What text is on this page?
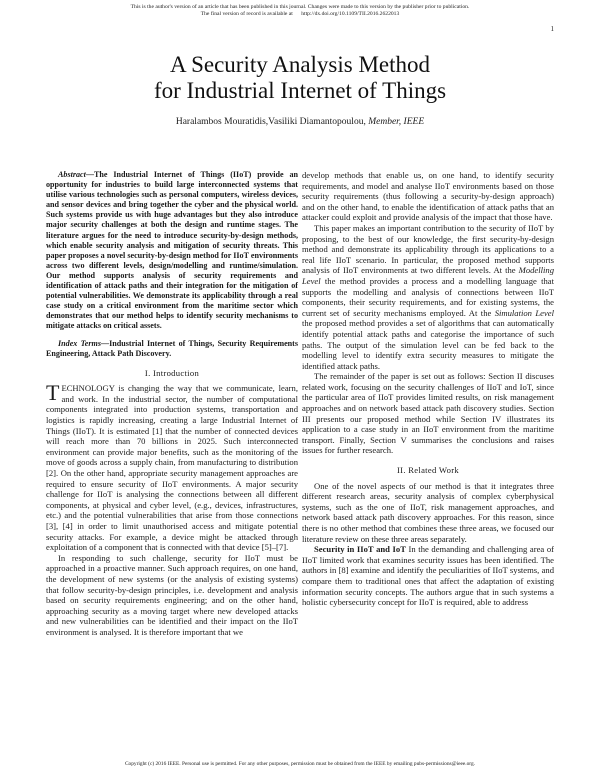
This is the author's version of an article that has been published in this journal. Changes were made to this version by the publisher prior to publication.
The final version of record is available at http://dx.doi.org/10.1109/TII.2016.2622013
1
A Security Analysis Method
for Industrial Internet of Things
Haralambos Mouratidis,Vasiliki Diamantopoulou, Member, IEEE

Abstract—The Industrial Internet of Things (IIoT) provide an opportunity for industries to build large interconnected systems that utilise various technologies such as personal computers, wireless devices, and sensor devices and bring together the cyber and the physical world. Such systems provide us with huge advantages but they also introduce major security challenges at both the design and runtime stages. The literature argues for the need to introduce security-by-design methods, which enable security analysis and mitigation of security threats. This paper proposes a novel security-by-design method for IIoT environments across two different levels, design/modelling and runtime/simulation. Our method supports analysis of security requirements and identification of attack paths and their integration for the mitigation of potential vulnerabilities. We demonstrate its applicability through a real case study on a critical environment from the maritime sector which demonstrates that our method helps to identify security mechanisms to mitigate attacks on critical assets.

Index Terms—Industrial Internet of Things, Security Requirements Engineering, Attack Path Discovery.

I. Introduction

TECHNOLOGY is changing the way that we communicate, learn, and work. In the industrial sector, the number of computational components integrated into production systems, transportation and logistics is rapidly increasing, creating a large Industrial Internet of Things (IIoT). It is estimated [1] that the number of connected devices will reach more than 70 billions in 2025. Such interconnected environment can provide major benefits, such as the monitoring of the move of goods across a supply chain, from manufacturing to distribution [2]. On the other hand, appropriate security management approaches are required to ensure security of IIoT environments. A major security challenge for IIoT is analysing the connections between all different components, at physical and cyber level, (e.g., devices, infrastructures, etc.) and the potential vulnerabilities that arise from those connections [3], [4] in order to limit unauthorised access and mitigate potential security attacks. For example, a device might be attacked through exploitation of a component that is connected with that device [5]–[7].

In responding to such challenge, security for IIoT must be approached in a proactive manner. Such approach requires, on one hand, the development of new systems (or the analysis of existing systems) that follow security-by-design principles, i.e. development and analysis based on security requirements engineering; and on the other hand, approaching security as a moving target where new developed attacks and new vulnerabilities can be identified and their impact on the IIoT environment is analysed. It is therefore important that we

develop methods that enable us, on one hand, to identify security requirements, and model and analyse IIoT environments based on those security requirements (thus following a security-by-design approach) and on the other hand, to enable the identification of attack paths that an attacker could exploit and provide analysis of the impact that those have.

This paper makes an important contribution to the security of IIoT by proposing, to the best of our knowledge, the first security-by-design method and demonstrate its applicability through its applications to a real life IIoT scenario. In particular, the proposed method supports analysis of IIoT environments at two different levels. At the Modelling Level the method provides a process and a modelling language that supports the modelling and analysis of connections between IIoT components, their security requirements, and for existing systems, the current set of security mechanisms employed. At the Simulation Level the proposed method provides a set of algorithms that can automatically identify potential attack paths and categorise the importance of such paths. The output of the simulation level can be fed back to the modelling level to identify extra security measures to mitigate the identified attack paths.

The remainder of the paper is set out as follows: Section II discuses related work, focusing on the security challenges of IIoT and IoT, since the particular area of IIoT provides limited results, on risk management approaches and on network based attack path discovery studies. Section III presents our proposed method while Section IV illustrates its application to a case study in an IIoT environment from the maritime transport. Finally, Section V summarises the conclusions and raises issues for further research.

II. Related Work

One of the novel aspects of our method is that it integrates three different research areas, security analysis of complex cyberphysical systems, such as the one of IIoT, risk management approaches, and network based attack path discovery approaches. For this reason, since there is no other method that combines these three areas, we focused our literature review on these three areas separately.

Security in IIoT and IoT In the demanding and challenging area of IIoT limited work that examines security issues has been identified. The authors in [8] examine and identify the peculiarities of IIoT systems, and compare them to traditional ones that affect the adaptation of existing information security concepts. The authors argue that in such systems a holistic cybersecurity concept for IIoT is required, able to address

Copyright (c) 2016 IEEE. Personal use is permitted. For any other purposes, permission must be obtained from the IEEE by emailing pubs-permissions@ieee.org.
